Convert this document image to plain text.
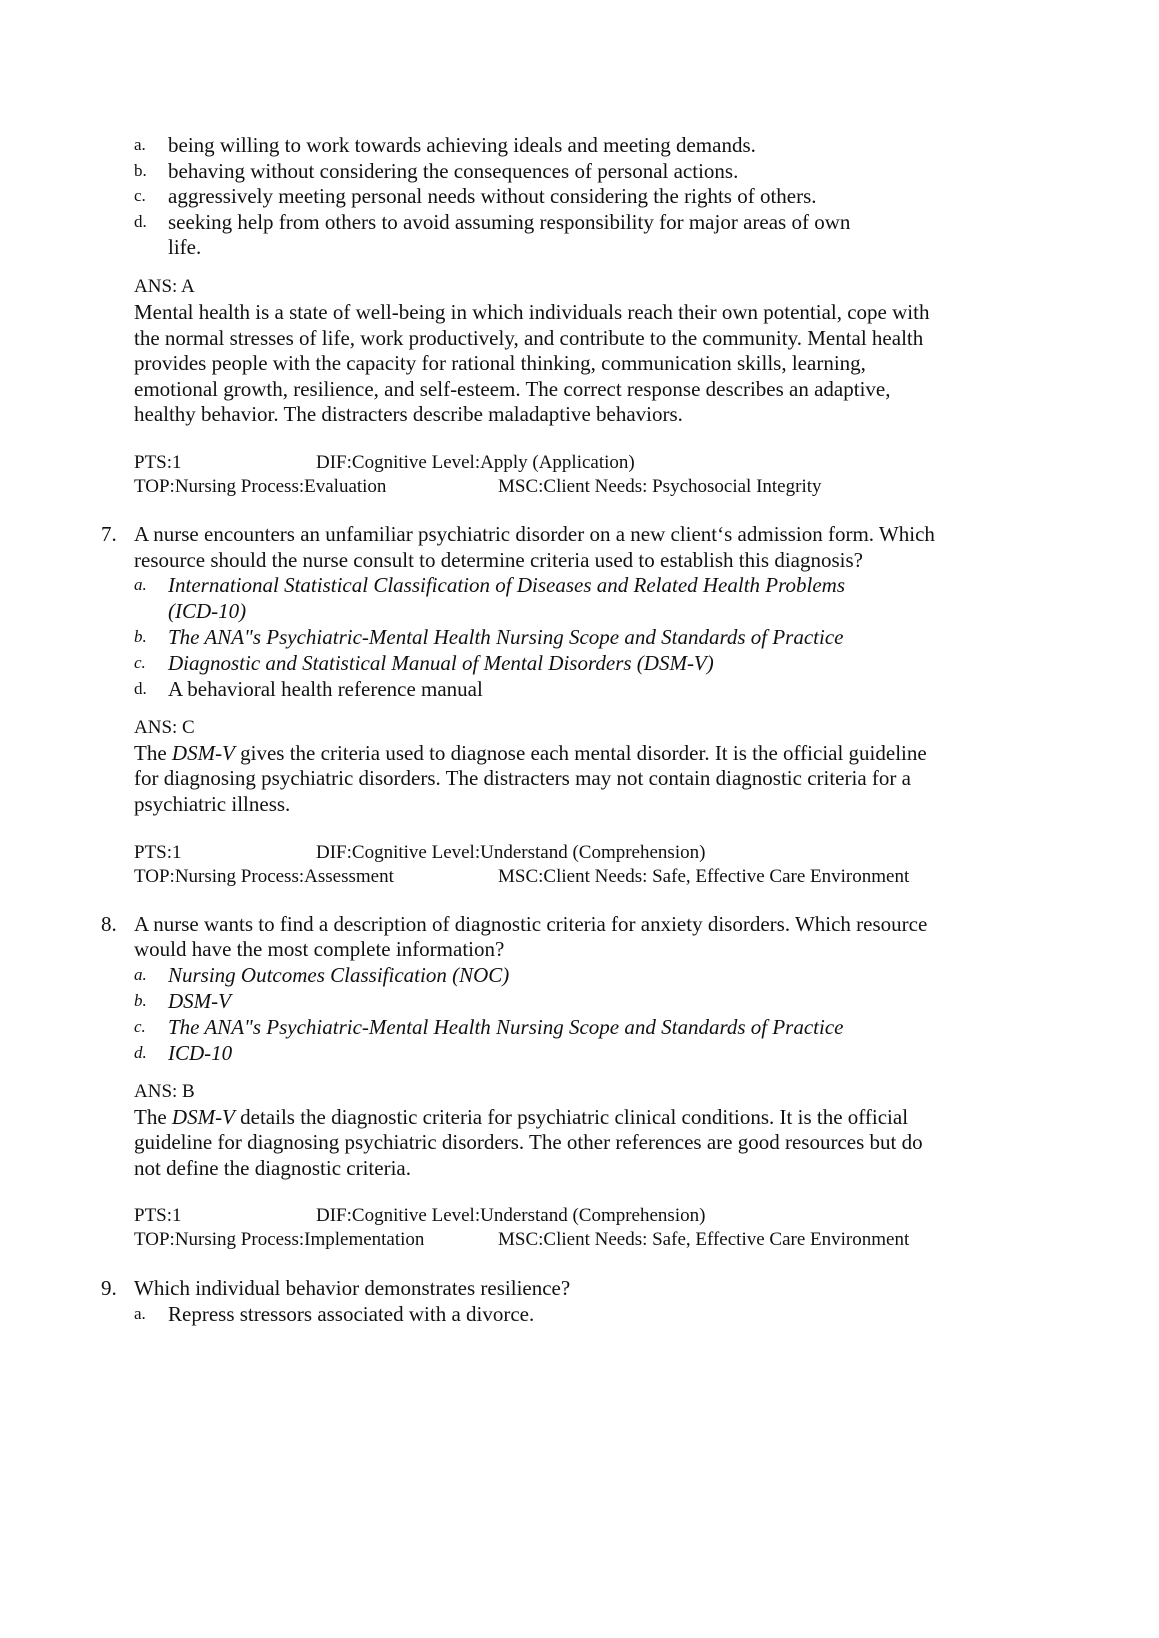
a. being willing to work towards achieving ideals and meeting demands.
b. behaving without considering the consequences of personal actions.
c. aggressively meeting personal needs without considering the rights of others.
d. seeking help from others to avoid assuming responsibility for major areas of own
life.
ANS: A
Mental health is a state of well-being in which individuals reach their own potential, cope with
the normal stresses of life, work productively, and contribute to the community. Mental health
provides people with the capacity for rational thinking, communication skills, learning,
emotional growth, resilience, and self-esteem. The correct response describes an adaptive,
healthy behavior. The distracters describe maladaptive behaviors.
PTS:1	DIF:Cognitive Level:Apply (Application)
TOP:Nursing Process:Evaluation	MSC:Client Needs: Psychosocial Integrity
7. A nurse encounters an unfamiliar psychiatric disorder on a new client‘s admission form. Which
resource should the nurse consult to determine criteria used to establish this diagnosis?
a. International Statistical Classification of Diseases and Related Health Problems
(ICD-10)
b. The ANA"s Psychiatric-Mental Health Nursing Scope and Standards of Practice
c. Diagnostic and Statistical Manual of Mental Disorders (DSM-V)
d. A behavioral health reference manual
ANS: C
The DSM-V gives the criteria used to diagnose each mental disorder. It is the official guideline
for diagnosing psychiatric disorders. The distracters may not contain diagnostic criteria for a
psychiatric illness.
PTS:1	DIF:Cognitive Level:Understand (Comprehension)
TOP:Nursing Process:Assessment	MSC:Client Needs: Safe, Effective Care Environment
8. A nurse wants to find a description of diagnostic criteria for anxiety disorders. Which resource
would have the most complete information?
a. Nursing Outcomes Classification (NOC)
b. DSM-V
c. The ANA"s Psychiatric-Mental Health Nursing Scope and Standards of Practice
d. ICD-10
ANS: B
The DSM-V details the diagnostic criteria for psychiatric clinical conditions. It is the official
guideline for diagnosing psychiatric disorders. The other references are good resources but do
not define the diagnostic criteria.
PTS:1	DIF:Cognitive Level:Understand (Comprehension)
TOP:Nursing Process:Implementation	MSC:Client Needs: Safe, Effective Care Environment
9. Which individual behavior demonstrates resilience?
a. Repress stressors associated with a divorce.
